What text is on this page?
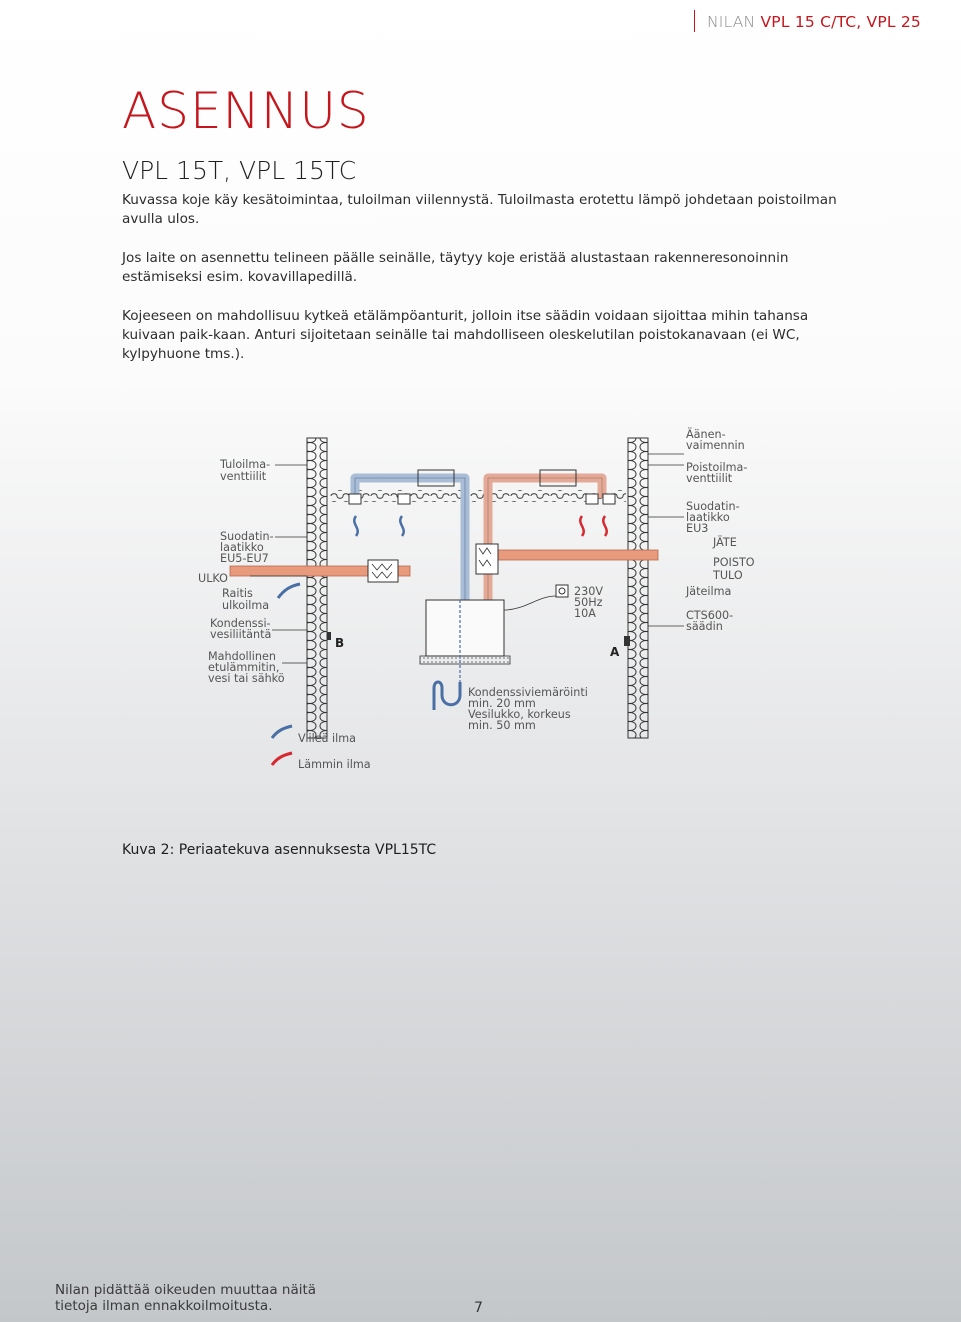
NILAN VPL 15 C/TC, VPL 25
ASENNUS
VPL 15T, VPL 15TC

Kuvassa koje käy kesätoimintaa, tuloilman viilennystä. Tuloilmasta erotettu lämpö johdetaan poistoilman avulla ulos.

Jos laite on asennettu telineen päälle seinälle, täytyy koje eristää alustastaan rakenneresonoinnin estämiseksi esim. kovavillapedillä.

Kojeeseen on mahdollisuu kytkeä etälämpöanturit, jolloin itse säädin voidaan sijoittaa mihin tahansa kuivaan paik-kaan. Anturi sijoitetaan seinälle tai mahdolliseen oleskelutilan poistokanavaan (ei WC, kylpyhuone tms.).

Tuloilma-venttiilit
Suodatin-laatikko EU5-EU7
ULKO
Raitis ulkoilma
Kondenssi-vesiliitäntä
Mahdollinen etulämmitin, vesi tai sähkö
B
A
230V 50Hz 10A
Kondenssiviemäröinti min. 20 mm Vesilukko, korkeus min. 50 mm
Äänen-vaimennin
Poistoilma-venttiilit
Suodatin-laatikko EU3
JÄTE
POISTO
TULO
Jäteilma
CTS600-säädin
Viileä ilma
Lämmin ilma
Kuva 2: Periaatekuva asennuksesta VPL15TC

Nilan pidättää oikeuden muuttaa näitä tietoja ilman ennakkoilmoitusta.	7
